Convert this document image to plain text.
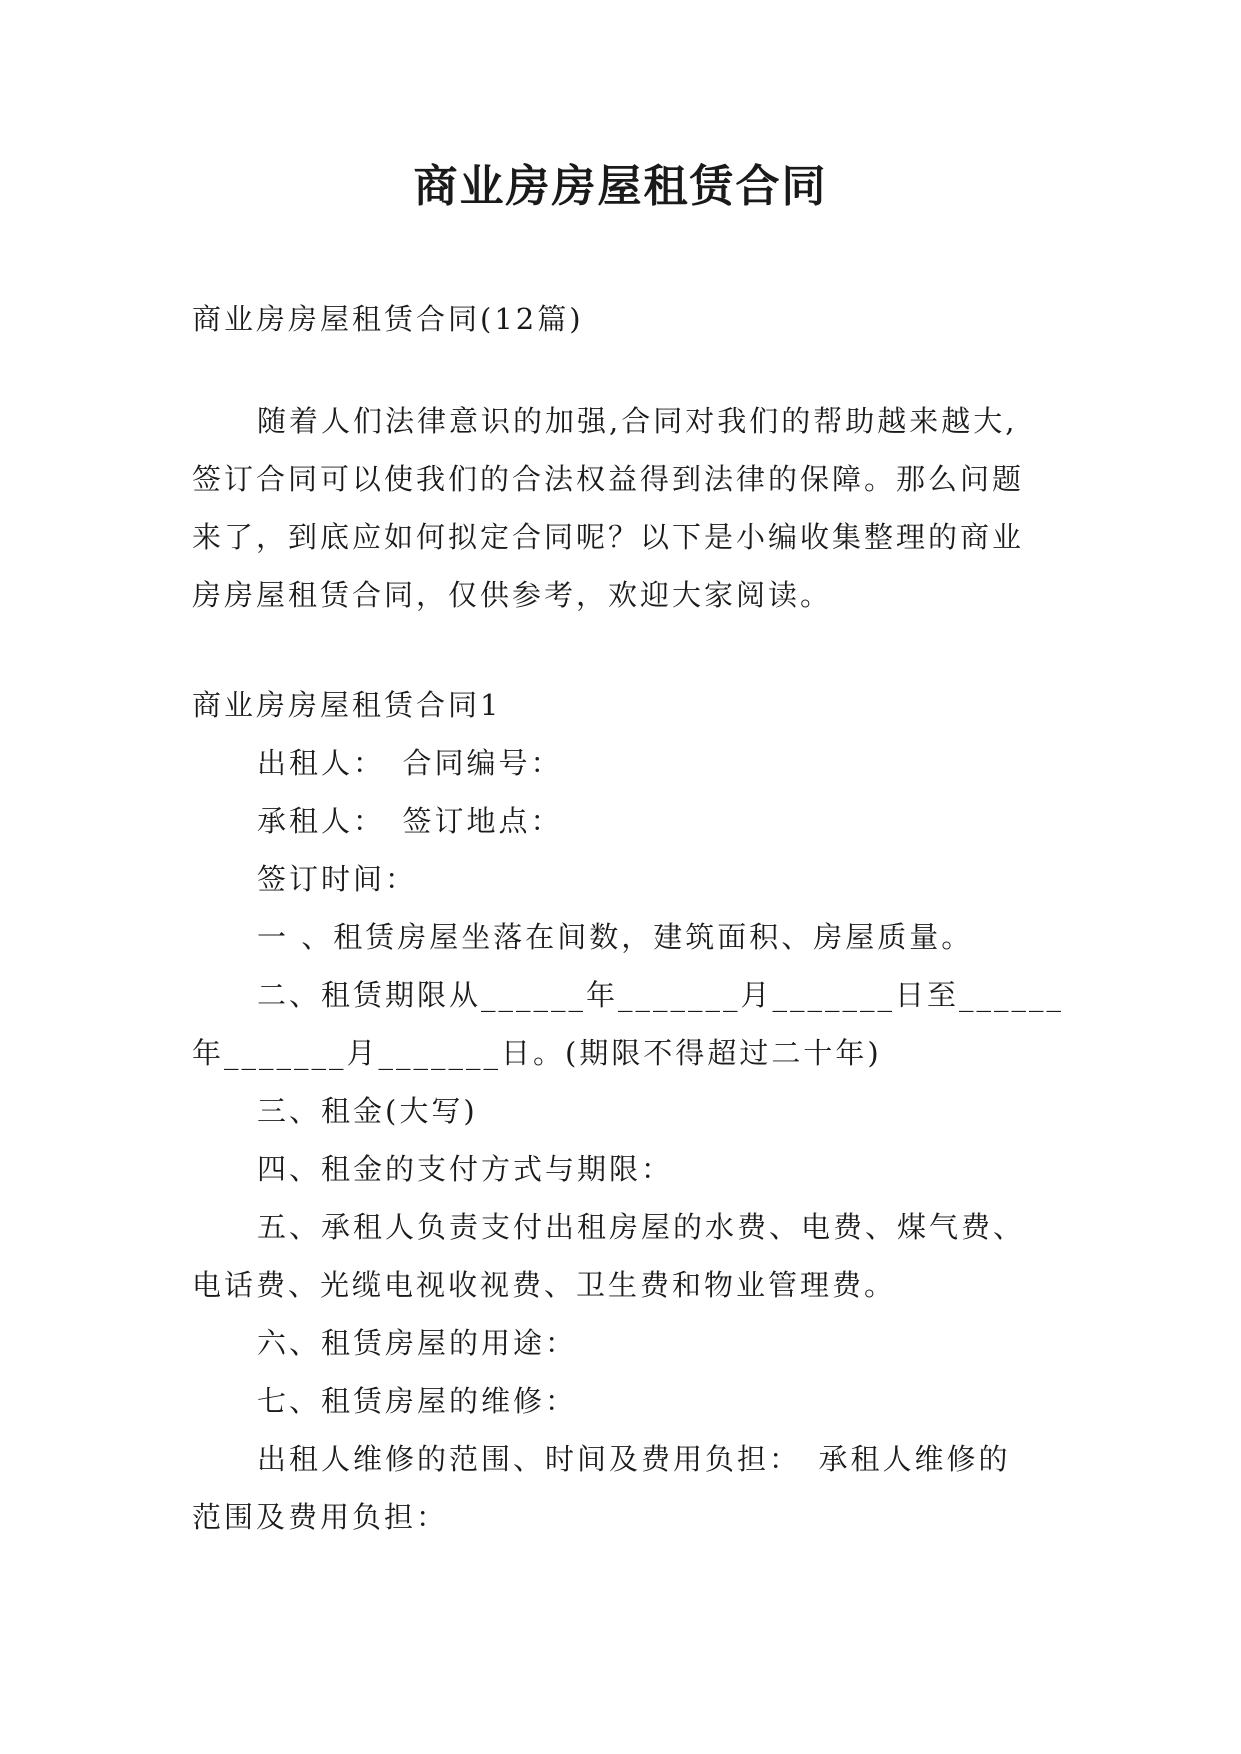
商业房房屋租赁合同
商业房房屋租赁合同(12篇)
随着人们法律意识的加强,合同对我们的帮助越来越大,
签订合同可以使我们的合法权益得到法律的保障。那么问题
来了，到底应如何拟定合同呢？以下是小编收集整理的商业
房房屋租赁合同，仅供参考，欢迎大家阅读。
商业房房屋租赁合同1
出租人：　合同编号：
承租人：　签订地点：
签订时间：
一 、租赁房屋坐落在间数，建筑面积、房屋质量。
二、租赁期限从______年_______月_______日至______
年_______月_______日。(期限不得超过二十年)
三、租金(大写)
四、租金的支付方式与期限：
五、承租人负责支付出租房屋的水费、电费、煤气费、
电话费、光缆电视收视费、卫生费和物业管理费。
六、租赁房屋的用途：
七、租赁房屋的维修：
出租人维修的范围、时间及费用负担：　承租人维修的
范围及费用负担：
